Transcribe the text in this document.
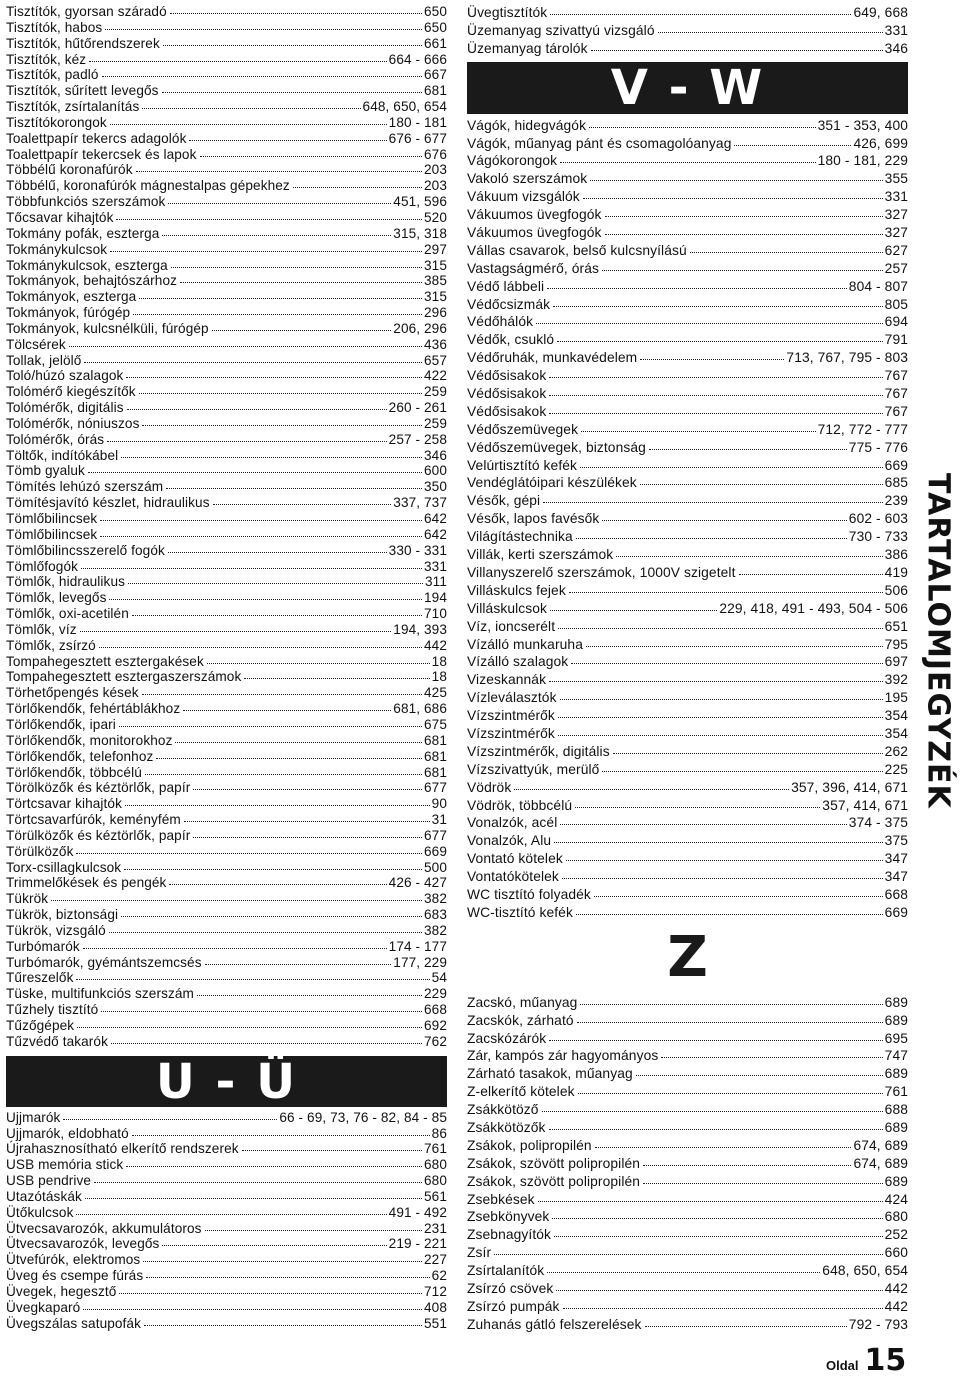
Tisztítók, gyorsan száradó	650
Tisztítók, habos	650
Tisztítók, hűtőrendszerek	661
Tisztítók, kéz	664 - 666
Tisztítók, padló	667
Tisztítók, sűrített levegős	681
Tisztítók, zsírtalanítás	648, 650, 654
Tisztítókorongok	180 - 181
Toalettpapír tekercs adagolók	676 - 677
Toalettpapír tekercsek és lapok	676
Többélű koronafúrók	203
Többélű, koronafúrók mágnestalpas gépekhez	203
Többfunkciós szerszámok	451, 596
Tőcsavar kihajtók	520
Tokmány pofák, eszterga	315, 318
Tokmánykulcsok	297
Tokmánykulcsok, eszterga	315
Tokmányok, behajtószárhoz	385
Tokmányok, eszterga	315
Tokmányok, fúrógép	296
Tokmányok, kulcsnélküli, fúrógép	206, 296
Tölcsérek	436
Tollak, jelölő	657
Toló/húzó szalagok	422
Tolómérő kiegészítők	259
Tolómérők, digitális	260 - 261
Tolómérők, nóniuszos	259
Tolómérők, órás	257 - 258
Töltők, indítókábel	346
Tömb gyaluk	600
Tömítés lehúzó szerszám	350
Tömítésjavító készlet, hidraulikus	337, 737
Tömlőbilincsek	642
Tömlőbilincsek	642
Tömlőbilincsszerelő fogók	330 - 331
Tömlőfogók	331
Tömlők, hidraulikus	311
Tömlők, levegős	194
Tömlők, oxi-acetilén	710
Tömlők, víz	194, 393
Tömlők, zsírzó	442
Tompahegesztett esztergakések	18
Tompahegesztett esztergaszerszámok	18
Törhetőpengés kések	425
Törlőkendők, fehértáblákhoz	681, 686
Törlőkendők, ipari	675
Törlőkendők, monitorokhoz	681
Törlőkendők, telefonhoz	681
Törlőkendők, többcélú	681
Törölközők és kéztörlők, papír	677
Törtcsavar kihajtók	90
Törtcsavarfúrók, keményfém	31
Törülközők és kéztörlők, papír	677
Törülközők	669
Torx-csillagkulcsok	500
Trimmelőkések és pengék	426 - 427
Tükrök	382
Tükrök, biztonsági	683
Tükrök, vizsgáló	382
Turbómarók	174 - 177
Turbómarók, gyémántszemcsés	177, 229
Tűreszelők	54
Tüske, multifunkciós szerszám	229
Tűzhely tisztító	668
Tűzőgépek	692
Tűzvédő takarók	762
U - Ü
Ujjmarók	66 - 69, 73, 76 - 82, 84 - 85
Ujjmarók, eldobható	86
Újrahasznosítható elkerítő rendszerek	761
USB memória stick	680
USB pendrive	680
Utazótáskák	561
Ütőkulcsok	491 - 492
Ütvecsavarozók, akkumulátoros	231
Ütvecsavarozók, levegős	219 - 221
Ütvefúrók, elektromos	227
Üveg és csempe fúrás	62
Üvegek, hegesztő	712
Üvegkaparó	408
Üvegszálas satupofák	551
Üvegtisztítók	649, 668
Üzemanyag szivattyú vizsgáló	331
Üzemanyag tárolók	346
V - W
Vágók, hidegvágók	351 - 353, 400
Vágók, műanyag pánt és csomagolóanyag	426, 699
Vágókorongok	180 - 181, 229
Vakoló szerszámok	355
Vákuum vizsgálók	331
Vákuumos üvegfogók	327
Vákuumos üvegfogók	327
Vállas csavarok, belső kulcsnyílású	627
Vastagságmérő, órás	257
Védő lábbeli	804 - 807
Védőcsizmák	805
Védőhálók	694
Védők, csukló	791
Védőruhák, munkavédelem	713, 767, 795 - 803
Védősisakok	767
Védősisakok	767
Védősisakok	767
Védőszemüvegek	712, 772 - 777
Védőszemüvegek, biztonság	775 - 776
Velúrtisztító kefék	669
Vendéglátóipari készülékek	685
Vésők, gépi	239
Vésők, lapos favésők	602 - 603
Világítástechnika	730 - 733
Villák, kerti szerszámok	386
Villanyszerelő szerszámok, 1000V szigetelt	419
Villáskulcs fejek	506
Villáskulcsok	229, 418, 491 - 493, 504 - 506
Víz, ioncserélt	651
Vízálló munkaruha	795
Vízálló szalagok	697
Vizeskannák	392
Vízleválasztók	195
Vízszintmérők	354
Vízszintmérők	354
Vízszintmérők, digitális	262
Vízszivattyúk, merülő	225
Vödrök	357, 396, 414, 671
Vödrök, többcélú	357, 414, 671
Vonalzók, acél	374 - 375
Vonalzók, Alu	375
Vontató kötelek	347
Vontatókötelek	347
WC tisztító folyadék	668
WC-tisztító kefék	669
Z
Zacskó, műanyag	689
Zacskók, zárható	689
Zacskózárók	695
Zár, kampós zár hagyományos	747
Zárható tasakok, műanyag	689
Z-elkerítő kötelek	761
Zsákkötöző	688
Zsákkötözők	689
Zsákok, polipropilén	674, 689
Zsákok, szövött polipropilén	674, 689
Zsákok, szövött polipropilén	689
Zsebkések	424
Zsebkönyvek	680
Zsebnagyítók	252
Zsír	660
Zsírtalanítók	648, 650, 654
Zsírzó csövek	442
Zsírzó pumpák	442
Zuhanás gátló felszerelések	792 - 793
TARTALOMJEGYZÉK
Oldal 15
